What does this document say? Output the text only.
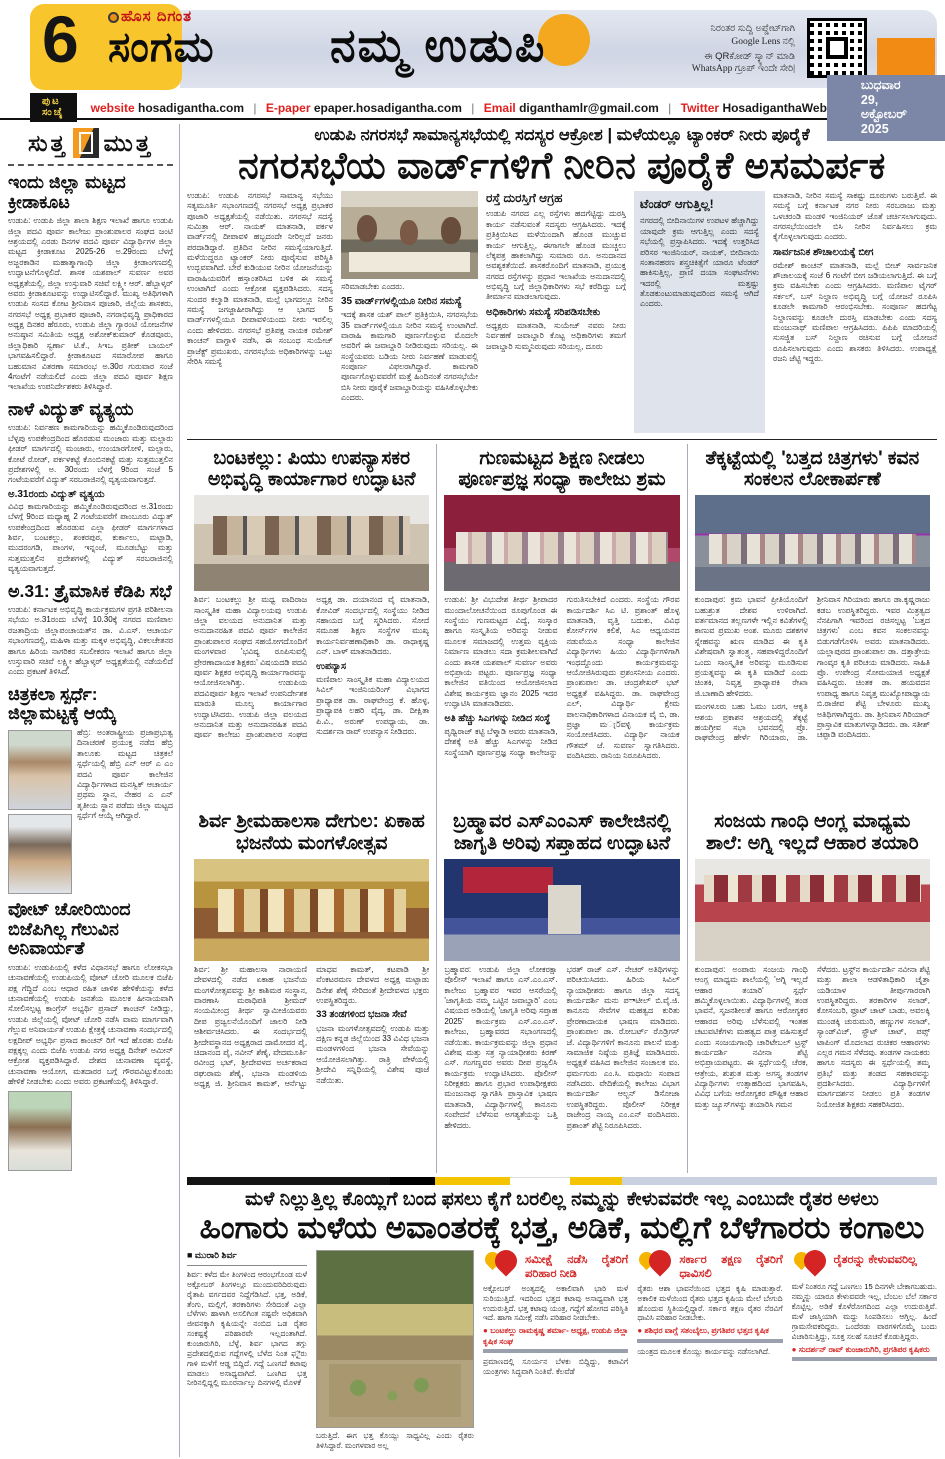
6	ಹೊಸ ದಿಗಂತ
ಸಂಗಮ	ನಮ್ಮ ಉಡುಪಿ	ನಿರಂತರ ಸುದ್ದಿ ಅಪ್ಡೇಟ್‌ಗಾಗಿ
Google Lens ನಲ್ಲಿ
ಈ QRಕೋಡ್ ಸ್ಕ್ಯಾನ್ ಮಾಡಿ
WhatsApp ಗ್ರೂಪ್ ಇಂದೇ ಸೇರಿ|
ಪುಟ ಸಂಚೈ	website hosadigantha.com | E-paper epaper.hosadigantha.com | Email diganthamlr@gmail.com | Twitter HosadiganthaWeb
ಬುಧವಾರ 29, ಅಕ್ಟೋಬರ್ 2025
ಸುತ್ತ ಮುತ್ತ
ಇಂದು ಜಿಲ್ಲಾ ಮಟ್ಟದ ಕ್ರೀಡಾಕೂಟ

ಉಡುಪಿ: ಉಡುಪಿ ಜಿಲ್ಲಾ ಶಾಲಾ ಶಿಕ್ಷಣ ಇಲಾಖೆ ಹಾಗೂ ಉಡುಪಿ ಜಿಲ್ಲಾ ಪದವಿ ಪೂರ್ವ ಕಾಲೇಜು ಪ್ರಾಂಶುಪಾಲರ ಸಂಘದ ಜಂಟಿ ಆಶ್ರಯದಲ್ಲಿ ಎರಡು ದಿನಗಳ ಪದವಿ ಪೂರ್ವ ವಿದ್ಯಾರ್ಥಿಗಳ ಜಿಲ್ಲಾ ಮಟ್ಟದ ಕ್ರೀಡಾಕೂಟ 2025-26 ಅ.29ರಂದು ಬೆಳಗ್ಗೆ ಅಜ್ಜರಕಾಡಿನ ಮಹಾತ್ಮಾಗಾಂಧಿ ಜಿಲ್ಲಾ ಕ್ರೀಡಾಂಗಣದಲ್ಲಿ ಉದ್ಘಾಟನೆಗೊಳ್ಳಲಿದೆ. ಶಾಸಕ ಯಶಪಾಲ್ ಸುವರ್ಣ ಅವರ ಅಧ್ಯಕ್ಷತೆಯಲ್ಲಿ, ಜಿಲ್ಲಾ ಉಸ್ತುವಾರಿ ಸಚಿವೆ ಲಕ್ಷ್ಮೀ ಆರ್. ಹೆಬ್ಬಾಳ್ಕರ್ ಅವರು ಕ್ರೀಡಾಕೂಟವನ್ನು ಉದ್ಘಾಟಿಸಲಿದ್ದಾರೆ. ಮುಖ್ಯ ಅತಿಥಿಗಳಾಗಿ ಉಡುಪಿ ಸಂಸದ ಕೋಟ ಶ್ರೀನಿವಾಸ ಪೂಜಾರಿ, ಜಿಲ್ಲೆಯ ಶಾಸಕರು, ನಗರಸಭೆ ಅಧ್ಯಕ್ಷ ಪ್ರಭಾಕರ ಪೂಜಾರಿ, ನಗರಾಭಿವೃದ್ಧಿ ಪ್ರಾಧಿಕಾರದ ಅಧ್ಯಕ್ಷ ದಿನಕರ ಹೆರೂರು, ಉಡುಪಿ ಜಿಲ್ಲಾ ಗ್ಯಾರಂಟಿ ಯೋಜನೆಗಳ ಅನುಷ್ಠಾನ ಸಮಿತಿಯ ಅಧ್ಯಕ್ಷ ಅಶೋಕ್‌ಕುಮಾರ್ ಕೊಡವೂರು, ಜಿಲ್ಲಾಧಿಕಾರಿ ಸ್ವರ್ಣಾ ಟಿ.ಕೆ., ಸಿಇಒ ಪ್ರತೀಕ್ ಬಾಯಲ್ ಭಾಗವಹಿಸಲಿದ್ದಾರೆ. ಕ್ರೀಡಾಕೂಟದ ಸಮಾರೋಪ ಹಾಗೂ ಬಹುಮಾನ ವಿತರಣಾ ಸಮಾರಂಭ ಅ.30ರ ಗುರುವಾರ ಸಂಜೆ 4ಗಂಟೆಗೆ ನಡೆಯಲಿದೆ ಎಂದು ಜಿಲ್ಲಾ ಪದವಿ ಪೂರ್ವ ಶಿಕ್ಷಣ ಇಲಾಖೆಯ ಉಪನಿರ್ದೇಶಕರು ತಿಳಿಸಿದ್ದಾರೆ.

ನಾಳೆ ವಿದ್ಯುತ್ ವ್ಯತ್ಯಯ

ಉಡುಪಿ: ನಿರ್ವಹಣ ಕಾಮಗಾರಿಯನ್ನು ಹಮ್ಮಿಕೊಂಡಿರುವುದರಿಂದ ಬೆಳ್ಳಪು ಉಪಕೇಂದ್ರದಿಂದ ಹೊರಡುವ ಮಂಜಾರು ಮತ್ತು ಮಲ್ಪಾರು ಫೀಡರ್ ಮಾರ್ಗದಲ್ಲಿ ಮಂಜಾರು, ಉಂಯಾರಗೋಳಿ, ಮಲ್ಪಾರು, ಕೋಟೆ ರೋಡ್, ಪರ್ಕಳಕಟ್ಟೆ ಕೊಂಬಿನಕಟ್ಟೆ ಮತ್ತು ಸುತ್ತಮುತ್ತಲಿನ ಪ್ರದೇಶಗಳಲ್ಲಿ ಅ. 30ರಂದು ಬೆಳಗ್ಗೆ 9ರಿಂದ ಸಂಜೆ 5 ಗಂಟೆಯವರೆಗೆ ವಿದ್ಯುತ್ ಸರಬರಾಜಿನಲ್ಲಿ ವ್ಯತ್ಯಯವಾಗುತ್ತದೆ.

ಅ.31ರಂದು ವಿದ್ಯುತ್ ವ್ಯತ್ಯಯ

ವಿವಿಧ ಕಾಮಗಾರಿಯನ್ನು ಹಮ್ಮಿಕೊಂಡಿರುವುದರಿಂದ ಅ.31ರಂದು ಬೆಳಗ್ಗೆ 9ರಿಂದ ಮಧ್ಯಾಹ್ನ 2 ಗಂಟೆಯವರೆಗೆ ಪಾಂಬೂರು ವಿದ್ಯುತ್ ಉಪಕೇಂದ್ರದಿಂದ ಹೊರಡುವ ಎಲ್ಲಾ ಫೀಡರ್ ಮಾರ್ಗಗಳಾದ ಶಿರ್ವ, ಬಂಟಕಲ್ಲು, ಶಂಕರಪುರ, ಕುರ್ಕಾಲು, ಮಟ್ಪಾಡಿ, ಮುದರಂಗಡಿ, ಪಾಂಗಳ, ಇನ್ನಂಜೆ, ಮೂಡಬೆಟ್ಟು ಮತ್ತು ಸುತ್ತಮುತ್ತಲಿನ ಪ್ರದೇಶಗಳಲ್ಲಿ ವಿದ್ಯುತ್ ಸರಬರಾಜಿನಲ್ಲಿ ವ್ಯತ್ಯಯವಾಗುತ್ತದೆ.

ಅ.31: ತ್ರೈಮಾಸಿಕ ಕೆಡಿಪಿ ಸಭೆ

ಉಡುಪಿ: ಕರ್ನಾಟಕ ಅಭಿವೃದ್ಧಿ ಕಾರ್ಯಕ್ರಮಗಳ ಪ್ರಗತಿ ಪರಿಶೀಲನಾ ಸಭೆಯು ಅ.31ರಂದು ಬೆಳಗ್ಗೆ 10.30ಕ್ಕೆ ನಗರದ ಮಣಿಪಾಲ ರಜತಾದ್ರಿಯ ಜಿಲ್ಲಾಪಂಚಾಯತ್‌ನ ಡಾ. ವಿ.ಎಸ್. ಆಚಾರ್ಯ ಸಭಾಂಗಣದಲ್ಲಿ, ಮಹಿಳಾ ಮತ್ತು ಮಕ್ಕಳ ಅಭಿವೃದ್ಧಿ, ವಿಕಲಚೇತನರ ಹಾಗೂ ಹಿರಿಯ ನಾಗರಿಕರ ಸಬಲೀಕರಣ ಇಲಾಖೆ ಹಾಗೂ ಜಿಲ್ಲಾ ಉಸ್ತುವಾರಿ ಸಚಿವೆ ಲಕ್ಷ್ಮೀ ಹೆಬ್ಬಾಳ್ಕರ್ ಅಧ್ಯಕ್ಷತೆಯಲ್ಲಿ ನಡೆಯಲಿದೆ ಎಂದು ಪ್ರಕಟಣೆ ತಿಳಿಸಿದೆ.

ಚಿತ್ರಕಲಾ ಸ್ಪರ್ಧೆ: ಜಿಲ್ಲಾಮಟ್ಟಕ್ಕೆ ಆಯ್ಕೆ

ಹೆಬ್ರಿ: ಅಂತರಾಷ್ಟ್ರೀಯ ಪ್ರಜಾಪ್ರಭುತ್ವ ದಿನಾಚರಣೆ ಪ್ರಯುಕ್ತ ನಡೆದ ಹೆಬ್ರಿ ತಾಲೂಕು ಮಟ್ಟದ ಚಿತ್ರಕಲೆ ಸ್ಪರ್ಧೆಯಲ್ಲಿ ಹೆಬ್ರಿ ಎನ್ ಆರ್ ಎ ಎಂ ಪದವಿ ಪೂರ್ವ ಕಾಲೇಜಿನ ವಿದ್ಯಾರ್ಥಿಗಳಾದ ಮನಸ್ವಿಕ್ ಆಚಾರ್ಯ ಪ್ರಥಮ ಸ್ಥಾನ, ನೇಹರ ಎ ಎನ್ ತೃತೀಯ ಸ್ಥಾನ ಪಡೆದು ಜಿಲ್ಲಾ ಮಟ್ಟದ ಸ್ಪರ್ಧೆಗೆ ಆಯ್ಕೆ ಆಗಿದ್ದಾರೆ.

ವೋಟ್ ಚೋರಿಯಿಂದ ಬಿಜೆಪಿಗಿಲ್ಲ ಗೆಲುವಿನ ಅನಿವಾರ್ಯತೆ

ಉಡುಪಿ: ಉಡುಪಿಯಲ್ಲಿ ಕಳೆದ ವಿಧಾನಸಭೆ ಹಾಗೂ ಲೋಕಸಭಾ ಚುನಾವಣೆಯಲ್ಲಿ ಉಡುಪಿಯಲ್ಲಿ ವೋಟ್ ಚೋರಿ ಮೂಲಕ ಬಿಜೆಪಿ ಪಕ್ಷ ಗೆದ್ದಿದೆ ಎಂಬ ಆಧಾರ ರಹಿತ ಜಾಳಿಶ ಹೇಳಿಕೆಯನ್ನು ಕಳೆದ ಚುನಾವಣೆಯಲ್ಲಿ ಉಡುಪಿ ಜನತೆಯ ಮೂಲಕ ಹೀನಾಯವಾಗಿ ಸೋಲಿಸಲ್ಪಟ್ಟ ಕಾಂಗ್ರೆಸ್ ಅಭ್ಯರ್ಥಿ ಪ್ರಸಾದ್ ಕಾಂಚನ್ ನೀಡಿದ್ದು, ಉಡುಪಿ ಜಿಲ್ಲೆಯಲ್ಲಿ ವೋಟ್ ಚೋರಿ ನಡೆಸಿ ವಾಮ ಮಾರ್ಗವಾಗಿ ಗೆಲ್ಲುವ ಅನಿವಾರ್ಯತೆ ಉಡುಪಿ ಕ್ಷೇತ್ರಕ್ಕೆ ಚುನಾವಣಾ ಸಂದರ್ಭದಲ್ಲಿ ಲಕ್ಷದೀಪ್ ಅಭ್ಯರ್ಥಿ ಪ್ರಸಾದ ಕಾಂಚನ್ ರಿಗೆ ಇದೆ ಹೊರತು ಬಿಜೆಪಿ ಪಕ್ಷಕ್ಕಲ್ಲ ಎಂದು ಬಿಜೆಪಿ ಉಡುಪಿ ನಗರ ಅಧ್ಯಕ್ಷ ದಿನೇಶ್ ಅಮೀನ್ ಆಕ್ರೋಶ ವ್ಯಕ್ತಪಡಿಸಿದ್ದಾರೆ. ದೇಶದ ಚುನಾವಣಾ ವ್ಯವಸ್ಥೆ, ಚುನಾವಣಾ ಆಯೋಗ, ಮತದಾರರ ಬಗ್ಗೆ ಗೌರವವಿಟ್ಟುಕೊಂಡು ಹೇಳಿಕೆ ನೀಡಬೇಕು ಎಂದು ಅವರು ಪ್ರಕಟಣೆಯಲ್ಲಿ ತಿಳಿಸಿದ್ದಾರೆ.

ಉಡುಪಿ ನಗರಸಭೆ ಸಾಮಾನ್ಯಸಭೆಯಲ್ಲಿ ಸದಸ್ಯರ ಆಕ್ರೋಶ | ಮಳೆಯಲ್ಲೂ ಟ್ಯಾಂಕರ್ ನೀರು ಪೂರೈಕೆ
ನಗರಸಭೆಯ ವಾರ್ಡ್‌ಗಳಿಗೆ ನೀರಿನ ಪೂರೈಕೆ ಅಸಮರ್ಪಕ

ಉಡುಪಿ: ಉಡುಪಿ ನಗರಸಭೆ ಸಾಮಾನ್ಯ ಸಭೆಯು ಸತ್ಯಮೂರ್ತಿ ಸಭಾಂಗಣದಲ್ಲಿ ನಗರಸಭೆ ಅಧ್ಯಕ್ಷ ಪ್ರಭಾಕರ ಪೂಜಾರಿ ಅಧ್ಯಕ್ಷತೆಯಲ್ಲಿ ನಡೆಯಿತು. ನಗರಸಭೆ ಸದಸ್ಯೆ ಸುಮಿತ್ರಾ ಆರ್. ನಾಯಕ್ ಮಾತನಾಡಿ, ಪರ್ಕಳ ವಾರ್ಡ್‌ನಲ್ಲಿ ದೀಪಾವಳಿ ಹಬ್ಬದಂದೇ ನೀರಿಲ್ಲದೆ ಜನರು ಪರದಾಡಿದ್ದಾರೆ. ಪ್ರತಿದಿನ ನೀರಿನ ಸಮಸ್ಯೆಯಾಗುತ್ತಿದೆ. ಮಳೆಯಿದ್ದರೂ ಟ್ಯಾಂಕರ್ ನೀರು ಪೂರೈಸುವ ಪರಿಸ್ಥಿತಿ ಉದ್ಭವವಾಗಿದೆ. ಬೇರೆ ಕುಡಿಯುವ ನೀರಿನ ಯೋಜನೆಯನ್ನು ವಾರಾಹಿಯವರಿಗೆ ಹಸ್ತಾಂತರಿಸಿದ ಬಳಿಕ ಈ ಸಮಸ್ಯೆ ಉಂಟಾಗಿದೆ ಎಂದು ಆಕ್ರೋಶ ವ್ಯಕ್ತಪಡಿಸಿದರು. ಸದಸ್ಯ ಸುಂದರ ಕಲ್ಮಾಡಿ ಮಾತನಾಡಿ, ಮಲ್ಪೆ ಭಾಗದಲ್ಲೂ ನೀರಿನ ಸಮಸ್ಯೆ ಜಗಜ್ಜಾಹೀರಾಗಿದ್ದು ಆ ಭಾಗದ 5 ವಾರ್ಡ್‌ಗಳಲ್ಲಿಯೂ ದೀಪಾವಳಿಯಂದು ನೀರು ಇರಲಿಲ್ಲ ಎಂದು ಹೇಳಿದರು. ನಗರಸಭೆ ಪ್ರತಿಪಕ್ಷ ನಾಯಕ ರಮೇಶ್ ಕಾಂಚನ್ ವಾಗ್ದಾಳಿ ನಡೆಸಿ, ಈ ಸಂಬಂಧ ಸುಯೇಜ್ ಪ್ರಾಜೆಕ್ಟ್ ಪ್ರಮುಖರು, ನಗರಸಭೆಯ ಅಧಿಕಾರಿಗಳನ್ನು ಒಟ್ಟು ಸೇರಿಸಿ ಸಮಸ್ಯೆ

ಸರಿಮಾಡಬೇಕು ಎಂದರು.

35 ವಾರ್ಡ್‌ಗಳಲ್ಲಿಯೂ ನೀರಿನ ಸಮಸ್ಯೆ

ಇದಕ್ಕೆ ಶಾಸಕ ಯಶ್ ಪಾಲ್ ಪ್ರತಿಕ್ರಿಯಿಸಿ, ನಗರಸಭೆಯ 35 ವಾರ್ಡ್‌ಗಳಲ್ಲಿಯೂ ನೀರಿನ ಸಮಸ್ಯೆ ಉಂಟಾಗಿದೆ. ವಾರಾಹಿ ಕಾಮಗಾರಿ ಪೂರ್ಣಗೊಳ್ಳುವ ಮೊದಲೇ ಅವರಿಗೆ ಈ ಜವಾಬ್ದಾರಿ ನೀಡಿರುವುದು ಸರಿಯಲ್ಲ. ಈ ಸಂಸ್ಥೆಯವರು ಬಡಿಯ ನೀರು ನಿರ್ವಹಣೆ ಮಾಡುವಲ್ಲಿ ಸಂಪೂರ್ಣ ವಿಫಲರಾಗಿದ್ದಾರೆ. ಕಾಮಗಾರಿ ಪೂರ್ಣಗೊಳ್ಳುವವರೆಗೆ ಮತ್ತೆ ಹಿಂದಿನಂತೆ ನಗರಸಭೆಯೇ ಬಿಸಿ ನೀರು ಪೂರೈಕೆ ಜವಾಬ್ದಾರಿಯನ್ನು ವಹಿಸಿಕೊಳ್ಳಬೇಕು ಎಂದರು.

ರಸ್ತೆ ದುರಸ್ತಿಗೆ ಆಗ್ರಹ

ಉಡುಪಿ ನಗರದ ಎಲ್ಲ ರಸ್ತೆಗಳು ಹದಗೆಟ್ಟಿದ್ದು ದುರಸ್ತಿ ಕಾರ್ಯ ನಡೆಸುವಂತೆ ಸದಸ್ಯರು ಆಗ್ರಹಿಸಿದರು. ಇದಕ್ಕೆ ಪ್ರತಿಕ್ರಿಯಿಸಿದ ಮಳೆಯಿಂದಾಗಿ ಹೊಂಡ ಮುಚ್ಚುವ ಕಾರ್ಯ ಆಗುತ್ತಿಲ್ಲ, ಈಗಾಗಲೇ ಹೊಂಡ ಮುಚ್ಚಲು ಲೆಕ್ಕಪತ್ರ ಹಾಕಲಾಗಿದ್ದು ಸುಮಾರು ರೂ. ಅನುದಾನದ ಅವಶ್ಯಕತೆಯಿದೆ. ಶಾಸಕರೊಂದಿಗೆ ಮಾತನಾಡಿ, ಪ್ರಯುಕ್ತ ನಗರದ ರಸ್ತೆಗಳನ್ನು ಪ್ರಧಾನ ಇಲಾಖೆಯ ಅನುದಾನದಲ್ಲಿ ಅಭಿವೃದ್ಧಿ ಬಗ್ಗೆ ಜಿಲ್ಲಾಧಿಕಾರಿಗಳು ಸಭೆ ಕರೆದಿದ್ದು ಬಗ್ಗೆ ತೀರ್ಮಾನ ಮಾಡಲಾಗುವುದು.

ಅಧಿಕಾರಿಗಳು ಸಮಸ್ಯೆ ಸರಿಪಡಿಸಬೇಕು

ಅಧ್ಯಕ್ಷರು ಮಾತನಾಡಿ, ಸುಯೇಜ್ ನವರು ನೀರು ನಿರ್ವಹಣೆ ಜವಾಬ್ದಾರಿ ಕೊಟ್ಟ ಅಧಿಕಾರಿಗಳು ತಮಗೆ ಜವಾಬ್ದಾರಿ ಸುಮ್ಮನಿರುವುದು ಸರಿಯಲ್ಲ, ದೂರು

ಟೆಂಡರ್ ಆಗುತ್ತಿಲ್ಲ!

ನಗರದಲ್ಲಿ ಬೀದಿನಾಯಿಗಳ ಉಪಟಳ ಹೆಚ್ಚಾಗಿದ್ದು ಯಾವುದೇ ಕ್ರಮ ಆಗುತ್ತಿಲ್ಲ ಎಂದು ಸದಸ್ಯೆ ಸಭೆಯಲ್ಲಿ ಪ್ರಸ್ತಾಪಿಸಿದರು. ಇದಕ್ಕೆ ಉತ್ತರಿಸಿದ ಪರಿಸರ ಇಂಜಿನಿಯರ್, ನಾಯಕ್, ಬೀದಿನಾಯಿ ಸಂತಾನಹರಣ ಶಸ್ತ್ರಚಿಕಿತ್ಸೆಗೆ ಯಾರೂ ಟೆಂಡರ್ ಹಾಕಿಸುತ್ತಿಲ್ಲ, ಪ್ರಾಣಿ ದಯಾ ಸಂಘಟನೆಗಳು ಇದರಲ್ಲಿ ಮತ್ತಷ್ಟು ತೊಡಕುಂಟುಮಾಡುವುದರಿಂದ ಸಮಸ್ಯೆ ಆಗಿದೆ ಎಂದರು.

ಮಾತನಾಡಿ, ನೀರಿನ ಸಮಸ್ಯೆ ಸಾಕಷ್ಟು ದೂರುಗಳು ಬರುತ್ತಿವೆ. ಈ ಸಮಸ್ಯೆ ಬಗ್ಗೆ ಕರ್ನಾಟಕ ನಗರ ನೀರು ಸರಬರಾಜು ಮತ್ತು ಒಳಚರಂಡಿ ಮಂಡಳಿ ಇಂಜಿನಿಯರ್ ಜೊತೆ ಚರ್ಚಿಸಲಾಗುವುದು. ನಗರಸಭೆಯಿಂದಲೇ ಬಿಸಿ ನೀರಿನ ನಿರ್ವಹಿಸಲು ಕ್ರಮ ಕೈಗೊಳ್ಳಲಾಗುವುದು ಎಂದರು.

ಸಾರ್ವಜನಿಕ ಶೌಚಾಲಯಕ್ಕೆ ಬೀಗ

ರಮೇಶ್ ಕಾಂಚನ್ ಮಾತನಾಡಿ, ಮಲ್ಪೆ ಬೀಚ್ ಸಾರ್ವಜನಿಕ ಶೌಚಾಲಯಕ್ಕೆ ಸಂಜೆ 6 ಗಂಟೆಗೆ ಬೀಗ ಜಡಿಯಲಾಗುತ್ತಿದೆ. ಈ ಬಗ್ಗೆ ಕ್ರಮ ವಹಿಸಬೇಕು ಎಂದು ಆಗ್ರಹಿಸಿದರು. ಮಣಿಪಾಲ ಟೈಗರ್ ಸರ್ಕಲ್, ಬಸ್ ನಿಲ್ದಾಣ ಅಭಿವೃದ್ಧಿ ಬಗ್ಗೆ ಯೋಜನೆ ರೂಪಿಸಿ ಕೂಡಲೇ ಕಾಮಗಾರಿ ಆರಂಭಿಸಬೇಕು. ಸಂಪೂರ್ಣ ಹದಗೆಟ್ಟ ನಿಲ್ದಾಣವನ್ನು ಕೂಡಲೇ ದುರಸ್ತಿ ಮಾಡಬೇಕು ಎಂದು ಸದಸ್ಯ ಮಂಜುನಾಥ್ ಮಣಿಪಾಲ ಆಗ್ರಹಿಸಿದರು. ಪಿಪಿಪಿ ಮಾದರಿಯಲ್ಲಿ ಸುಸಜ್ಜಿತ ಬಸ್ ನಿಲ್ದಾಣ ರಚಿಸುವ ಬಗ್ಗೆ ಯೋಜನೆ ರೂಪಿಸಲಾಗುವುದು ಎಂದು ಶಾಸಕರು ತಿಳಿಸಿದರು. ಉಪಾಧ್ಯಕ್ಷೆ ರಜನಿ ಜೆಟ್ಟಿ ಇದ್ದರು.

ಬಂಟಕಲ್ಲು: ಪಿಯು ಉಪನ್ಯಾಸಕರ ಅಭಿವೃದ್ಧಿ ಕಾರ್ಯಾಗಾರ ಉದ್ಘಾಟನೆ

ಶಿರ್ವ: ಬಂಟಕಲ್ಲು ಶ್ರೀ ಮಧ್ವ ವಾದಿರಾಜ ಸಾಂಸ್ಕೃತಿಕ ಮಹಾ ವಿದ್ಯಾಲಯವು ಉಡುಪಿ ಜಿಲ್ಲಾ ವಲಯದ ಅನುದಾನಿತ ಮತ್ತು ಅನುದಾನರಹಿತ ಪದವಿ ಪೂರ್ವ ಕಾಲೇಜಿನ ಪ್ರಾಂಶುಪಾಲರ ಸಂಘದ ಸಹಯೋಗದೊಂದಿಗೆ ಮಂಗಳವಾರ 'ಭವಿಷ್ಯ ರೂಪಿಸುವಲ್ಲಿ ಪ್ರೇರಣಾದಾಯಕ ಶಿಕ್ಷಕರು' ವಿಷಯದಡಿ ಪದವಿ ಪೂರ್ವ ಶಿಕ್ಷಕರ ಅಭಿವೃದ್ಧಿ ಕಾರ್ಯಾಗಾರವನ್ನು ಆಯೋಜಿಸಲಾಗಿತ್ತು. ಉಡುಪಿಯ ಪದವಿಪೂರ್ವ ಶಿಕ್ಷಣ ಇಲಾಖೆ ಉಪನಿರ್ದೇಶಕ ಮಾರುತಿ ಮೂಲ್ಯ ಕಾರ್ಯಾಗಾರ ಉದ್ಘಾಟಿಸಿದರು. ಉಡುಪಿ ಜಿಲ್ಲಾ ವಲಯದ ಅನುದಾನಿತ ಮತ್ತು ಅನುದಾನರಹಿತ ಪದವಿ ಪೂರ್ವ ಕಾಲೇಜು ಪ್ರಾಂಶುಪಾಲರ ಸಂಘದ ಅಧ್ಯಕ್ಷ ಡಾ. ದಯಾನಂದ ವೈ ಮಾತನಾಡಿ, ಕೋವಿಡ್ ಸಂದರ್ಭದಲ್ಲಿ ಸಂಸ್ಥೆಯು ನೀಡಿದ ಸಹಾಯದ ಬಗ್ಗೆ ಸ್ಮರಿಸಿದರು. ಸೋದೆ ಸಮೂಹ ಶಿಕ್ಷಣ ಸಂಸ್ಥೆಗಳ ಮುಖ್ಯ ಕಾರ್ಯನಿರ್ವಹಣಾಧಿಕಾರಿ ಡಾ. ರಾಧಾಕೃಷ್ಣ ಎನ್. ಬಾಳ್ ಮಾತನಾಡಿದರು.

ಉಪನ್ಯಾಸ

ಮಣಿಪಾಲ ಸಾಂಸ್ಕೃತಿಕ ಮಹಾ ವಿದ್ಯಾಲಯದ ಸಿವಿಲ್ ಇಂಜಿನಿಯರಿಂಗ್ ವಿಭಾಗದ ಪ್ರಾಧ್ಯಾಪಕ ಡಾ. ರಾಘವೇಂದ್ರ ಕೆ. ಹೊಳ್ಳ, ಪ್ರಾಧ್ಯಾಪಕಿ ಲಹರಿ ವೈದ್ಯ, ಡಾ. ದೀಕ್ಷಿತಾ ಪಿ.ವಿ., ಅರುಣ್ ಉಪಧ್ಯಾಯ, ಡಾ. ಸುದರ್ಶನಾ ರಾವ್ ಉಪನ್ಯಾಸ ನೀಡಿದರು.

ಗುಣಮಟ್ಟದ ಶಿಕ್ಷಣ ನೀಡಲು ಪೂರ್ಣಪ್ರಜ್ಞ ಸಂಧ್ಯಾ ಕಾಲೇಜು ಶ್ರಮ

ಉಡುಪಿ: ಶ್ರೀ ವಿಭುದೇಶ ತೀರ್ಥ ಶ್ರೀಪಾದರ ಮುಂದಾಲೋಚನೆಯಿಂದ ರೂಪುಗೊಂಡ ಈ ಸಂಸ್ಥೆಯು ಗುಣಮಟ್ಟದ ವಿದ್ಯೆ, ಸಂಸ್ಕಾರ ಹಾಗೂ ಸಂಸ್ಕೃತಿಯ ಅರಿವನ್ನು ನೀಡುವ ಮೂಲಕ ಸಮಾಜದಲ್ಲಿ ಉತ್ತಮ ವ್ಯಕ್ತಿಯ ನಿರ್ಮಾಣ ಮಾಡಲು ಸದಾ ಕ್ರಮಶೀಲವಾಗಿದೆ ಎಂದು ಶಾಸಕ ಯಶಪಾಲ್ ಸುವರ್ಣ ಅವರು ಅಭಿಪ್ರಾಯ ಪಟ್ಟರು. ಪೂರ್ಣಪ್ರಜ್ಞ ಸಂಧ್ಯಾ ಕಾಲೇಜಿನ ವತಿಯಿಂದ ಆಯೋಜಿಸಲಾದ ವಿಶೇಷ ಕಾರ್ಯಕ್ರಮ ಜ್ಞಾನಂ 2025 ಇದರ ಉದ್ಘಾಟಿಸಿ ಮಾತನಾಡಿದರು.

ಅತಿ ಹೆಚ್ಚು ಸಿಎಗಳನ್ನು ನೀಡಿದ ಸಂಸ್ಥೆ

ಪೃಥ್ವಿರಾಜ್ ಕಟ್ಟಿ ಬೆಳ್ಮಾಡಿ ಅವರು ಮಾತನಾಡಿ, ದೇಶಕ್ಕೆ ಅತಿ ಹೆಚ್ಚು ಸಿಎಗಳನ್ನು ನೀಡಿದ ಸಂಸ್ಥೆಯಾಗಿ ಪೂರ್ಣಪ್ರಜ್ಞ ಸಂಧ್ಯಾ ಕಾಲೇಜನ್ನು ಗುರುತಿಸಬೇಕಿದೆ ಎಂದರು. ಸಂಸ್ಥೆಯ ಗೌರವ ಕಾರ್ಯದರ್ಶಿ ಸಿಎ ಟಿ. ಪ್ರಶಾಂತ್ ಹೊಳ್ಳ ಮಾತನಾಡಿ, ವೃತ್ತಿ ಬದುಕು, ವಿವಿಧ ಕೋರ್ಸ್‌ಗಳ ಕಲಿಕೆ, ಸಿಎ ಆಧ್ಯಯನದ ನಡುವೆಯೂ ಸಂಧ್ಯಾ ಕಾಲೇಜಿನ ವಿದ್ಯಾರ್ಥಿಗಳು ಹಿಯು ವಿದ್ಯಾರ್ಥಿಗಳಿಗಾಗಿ ಇಂಥದ್ದೊಂದು ಕಾರ್ಯಕ್ರಮವನ್ನು ಆಯೋಜಿಸಿರುವುದು ಪ್ರಶಂಸನೀಯ ಎಂದರು. ಪ್ರಾಂಶುಪಾಲ ಡಾ. ಚಂದ್ರಶೇಖರ್ ಭಟ್ ಅಧ್ಯಕ್ಷತೆ ವಹಿಸಿದ್ದರು. ಡಾ. ರಾಘವೇಂದ್ರ ಎಲ್, ವಿದ್ಯಾರ್ಥಿ ಕ್ಷೇಮ ಪಾಲನಾಧಿಕಾರಿಗಳಾದ ವಿನಾಯಕ ವೈ ಬಿ, ಡಾ. ಪ್ರಜ್ಞಾ ಮැර්ವಳ್ಳಿ ಕಾರ್ಯಕ್ರಮ ಸಂಯೋಜಿಸಿದರು. ವಿದ್ಯಾರ್ಥಿ ನಾಯಕ ಗೌತಮ್ ಜೆ. ಸುವರ್ಣ ಸ್ವಾಗತಿಸಿದರು. ವಂದಿಸಿದರು. ರಾನಿಯ ನಿರೂಪಿಸಿದರು.

ತೆಕ್ಕಟ್ಟೆಯಲ್ಲಿ 'ಬತ್ತದ ಚಿತ್ರಗಳು' ಕವನ ಸಂಕಲನ ಲೋಕಾರ್ಪಣೆ

ಕುಂದಾಪುರ: ಕ್ರಮ ಭಾವನೆ ಪ್ರೀತಿಯೊಂದಿಗೆ ಬಹುಶ್ರುತ ದೇಶವ ಉಳಿರಾಗಿದೆ. ವರ್ತಮಾನದ ತಲ್ಲಣಗಳೇ ಇಲ್ಲಿನ ಕವಿತೆಗಳಲ್ಲಿ ಕಾಣುವ ಪ್ರಮುಖ ಅಂಶ. ಮೂರು ದಶಕಗಳ ಸ್ನೇಹವನ್ನು ಋಣ ಮಾಡಿದ ಈ ಕೃತಿ ವಿಶೇಷವಾಗಿ ಸ್ವಾತಂತ್ರ್ಯ, ಸಹಪಾಳಿದ್ದರೊಂದಿಗೆ ಒಂದು ಸಾಂಸ್ಕೃತಿಕ ಅರಿವನ್ನು ಮೂಡಿಸುವ ಪ್ರಯತ್ನವನ್ನು ಈ ಕೃತಿ ಮಾಡಿದೆ ಎಂದು ಚಿಂತಕಿ, ನಿವೃತ್ತ ಪ್ರಾಧ್ಯಾಪಕಿ ರೇಖಾ ಜಿ.ಬಾಣಾದಿ ಹೇಳಿದರು.

ಮಂಗಳೂರು ಬಹು ಓಮು ಬರಗ, ಆಕೃತಿ ಆಶಯ ಪ್ರಕಾಶನ ಆಶ್ರಯದಲ್ಲಿ ತೆಕ್ಕಟ್ಟೆ ಹಯಗ್ರೀವ ಸಭಾ ಭವನದಲ್ಲಿ ಪ್ರೊ. ರಾಘವೇಂದ್ರ ಹೇರ್ಳೆ ಗಿರಿಯಾರು, ಡಾ. ಶ್ರೀನಿವಾಸ ಗಿರಿಯಾರು ಹಾಗೂ ಡಾ.ಕೃಷ್ಣರಾಜು ಕಡಬ ಉಪಸ್ಥಿತರಿದ್ದರು. ಇವರ ಮಿತ್ರತ್ವದ ನೆನಪಿಗಾಗಿ ಇವರಿಂದ ರಚಿಸಲ್ಪಟ್ಟ 'ಬತ್ತದ ಚಿತ್ರಗಳು' ಎಂಬ ಕವನ ಸಂಕಲನವನ್ನು ಬಿಡುಗಡೆಗೊಳಿಸಿ ಅವರು ಮಾತನಾಡಿದರು. ಯಲ್ಲಾಪುರದ ಪ್ರಾಂಶುಪಾಲ ಡಾ. ದತ್ತಾತ್ರೇಯ ಗಾಂವ್ಕರ ಕೃತಿ ಪರಿಚಯ ಮಾಡಿದರು. ಸಾಹಿತಿ ಪ್ರೊ. ಉಪೇಂದ್ರ ಸೋಮಯಾಜಿ ಅಧ್ಯಕ್ಷತೆ ವಹಿಸಿದ್ದರು. ಚಿಂತಕ ಡಾ. ಹಯವದನ ಉಪಾಧ್ಯ ಹಾಗೂ ನಿವೃತ್ತ ಮುಖ್ಯೋಪಾಧ್ಯಾಯ ಬಿ.ರಾಜೀವ ಶೆಟ್ಟಿ ಬೇಳೂರು ಮುಖ್ಯ ಅತಿಥಿಗಳಾಗಿದ್ದರು. ಡಾ. ಶ್ರೀನಿವಾಸ ಗಿರಿಯಾರ್ ಪ್ರಾಸ್ತಾವಿಕ ಮಾತುಗಳನ್ನಾಡಿದರು. ಡಾ. ಸತೀಶ್ ಚಪ್ಪಾಡಿ ವಂದಿಸಿದರು.

ಶಿರ್ವ ಶ್ರೀಮಹಾಲಸಾ ದೇಗುಲ: ಏಕಾಹ ಭಜನೆಯ ಮಂಗಳೋತ್ಸವ

ಶಿರ್ವ: ಶ್ರೀ ಮಹಾಲಸಾ ನಾರಾಯಣಿ ದೇವಳದಲ್ಲಿ ನಡೆದ ಏಕಾಹ ಭಜನೆಯ ಮಂಗಳೋತ್ಸವವನ್ನು ಶ್ರೀ ಕಾಶಿಮಠ ಸಂಸ್ಥಾನ, ವಾರಣಾಸಿ ಮಠಾಧಿಪತಿ ಶ್ರೀಮದ್ ಸಂಯಮೀಂದ್ರ ತೀರ್ಥ ಸ್ವಾಮೀಜಿಯವರು ದೀಪ ಪ್ರಜ್ವಲನೆಯೊಂದಿಗೆ ಜಾಲರಿ ನೀಡಿ ಆಶೀರ್ವಚಿಸಿದರು. ಈ ಸಂದರ್ಭದಲ್ಲಿ ಶ್ರೀದೇವಸ್ಥಾನದ ಅಧ್ಯಕ್ಷರಾದ ದಾಮೋದರ ಪೈ, ಚಿದಾನಂದ ಪೈ, ನವೀನ್ ಶೆಣೈ, ವೇದಮೂರ್ತಿ ರವೀಂದ್ರ ಭಟ್, ಶ್ರೀದೇವಳದ ಅರ್ಚಕರಾದ ರಘುರಾಮ ಶೆಣೈ, ಭಜನಾ ಮಂಡಳಿಯ ಅಧ್ಯಕ್ಷ ಜಿ. ಶ್ರೀನಿವಾಸ ಕಾಮತ್, ಆರ್ನೆಟ್ಟು ಮಾಧವ ಕಾಮತ್, ಕಟಪಾಡಿ ಶ್ರೀ ವೆಂಕಟರಮಣ ದೇವಳದ ಅಧ್ಯಕ್ಷ ಮಟ್ಪಾಡು ದಿನೇಶ ಶೆಣೈ ಸೇರಿದಂತೆ ಶ್ರೀದೇವಳದ ಭಕ್ತರು ಉಪಸ್ಥಿತರಿದ್ದರು.

33 ತಂಡಗಳಿಂದ ಭಜನಾ ಸೇವೆ

ಭಜನಾ ಮಂಗಳೋತ್ಸವದಲ್ಲಿ ಉಡುಪಿ ಮತ್ತು ದಕ್ಷಿಣ ಕನ್ನಡ ಜಿಲ್ಲೆಯಿಂದ 33 ವಿವಿಧ ಭಜನಾ ಮಂಡಳಗಳಿಂದ ಭಜನಾ ಸೇವೆಯನ್ನು ಆಯೋಜಿಸಲಾಗಿತ್ತು. ರಾತ್ರಿ ವೇಳೆಯಲ್ಲಿ ಶ್ರೀದೇವಿ ಸನ್ನಿಧಿಯಲ್ಲಿ ವಿಶೇಷ ಪೂಜೆ ನಡೆಯಿತು.

ಬ್ರಹ್ಮಾವರ ಎಸ್‌ಎಂಎಸ್ ಕಾಲೇಜಿನಲ್ಲಿ ಜಾಗೃತಿ ಅರಿವು ಸಪ್ತಾಹದ ಉದ್ಘಾಟನೆ

ಬ್ರಹ್ಮಾವರ: ಉಡುಪಿ ಜಿಲ್ಲಾ ಲೋಕರಕ್ಷಾ ಪೊಲೀಸ್ ಇಲಾಖೆ ಹಾಗೂ ಎಸ್.ಎಂ.ಎಸ್. ಕಾಲೇಜು ಬ್ರಹ್ಮಾವರ ಇವರ ಆಸರೆಯಲ್ಲಿ 'ಜಾಗೃತಿಯ ನಮ್ಮ ಒಟ್ಟಿನ ಜವಾಬ್ದಾರಿ' ಎಂಬ ವಿಷಯದ ಅಡಿಯಲ್ಲಿ 'ಜಾಗೃತಿ ಅರಿವು ಸಪ್ತಾಹ 2025' ಕಾರ್ಯಕ್ರಮ ಎಸ್.ಎಂ.ಎಸ್. ಕಾಲೇಜು, ಬ್ರಹ್ಮಾವರದ ಸಭಾಂಗಣದಲ್ಲಿ ನಡೆಯಿತು. ಕಾರ್ಯಕ್ರಮವನ್ನು ಜಿಲ್ಲಾ ಪ್ರಧಾನ ವಿಶೇಷ ಮತ್ತು ಸತ್ರ ನ್ಯಾಯಾಧೀಶರು ಕಿರಣ್ ಎಸ್. ಗಂಗಣ್ಣವರ ಅವರು ದೀಪ ಪ್ರಜ್ವಲಿಸಿ ಕಾರ್ಯಕ್ರಮ ಉದ್ಘಾಟಿಸಿದರು. ಪೊಲೀಸ್ ನಿರೀಕ್ಷಕರು ಹಾಗೂ ಪ್ರಭಾರ ಉಪಾಧೀಕ್ಷಕರು ಮಂಜುನಾಥ ಸ್ವಾಗತಿಸಿ ಪ್ರಾಸ್ತಾವಿಕ ಭಾಷಣ ಮಾತನಾಡಿ, ವಿದ್ಯಾರ್ಥಿಗಳಲ್ಲಿ ಕಾನೂನು ಸಂವೇದನೆ ಬೆಳೆಸುವ ಅಗತ್ಯತೆಯನ್ನು ಒತ್ತಿ ಹೇಳಿದರು.

ಭರತ್ ರಾಜ್ ಎಸ್. ನೇಚರ್ ಅತಿಥಿಗಳನ್ನು ಪರಿಚಯಿಸಿದರು. ಹಿರಿಯ ಸಿವಿಲ್ ನ್ಯಾಯಾಧೀಶರು ಹಾಗೂ ಜಿಲ್ಲಾ ಸದಸ್ಯ ಕಾರ್ಯದರ್ಶಿ ಮನು ಪాಟೀಲ್ ಬಿ.ವೈ.ಜಿ. ಕಾನೂನು ಸೇವೆಗಳ ಮಹತ್ವದ ಕುರಿತು ಪ್ರೇರಣಾದಾಯಕ ಭಾಷಣ ಮಾಡಿದರು. ಪ್ರಾಂಶುಪಾಲ ಡಾ. ರೋಬರ್ಟ್ ರೊಡ್ರಿಗಸ್ ಜೆ. ವಿದ್ಯಾರ್ಥಿಗಳಿಗೆ ಕಾನೂನು ಪಾಲನೆ ಮತ್ತು ಸಾಮಾಜಿಕ ನಿಷ್ಠೆಯ ಪ್ರತಿಜ್ಞೆ ಮಾಡಿಸಿದರು. ಅಧ್ಯಕ್ಷತೆ ವಹಿಸಿದ ಕಾಲೇಜಿನ ಸಂಚಾಲಕ ವಂ. ಧರ್ಮಗುರು ಎಂ.ಸಿ. ಮಥಾಯಿ ಸಂಪಾದ ನಡೆಸಿದರು. ವೇದಿಕೆಯಲ್ಲಿ ಕಾಲೇಜು ವಿಭಾಗ ಕಾರ್ಯದರ್ಶಿ ಆಲ್ಬನ್ ಡಿಸೋಜಾ ಉಪಸ್ಥಿತರಿದ್ದರು. ಪೊಲೀಸ್ ನಿರೀಕ್ಷಕ ರಾಜೇಂದ್ರ ನಾಯ್ಕ ಎಂ.ಎನ್ ವಂದಿಸಿದರು. ಪ್ರಶಾಂತ್ ಶೆಟ್ಟಿ ನಿರೂಪಿಸಿದರು.

ಸಂಜಯ ಗಾಂಧಿ ಆಂಗ್ಲ ಮಾಧ್ಯಮ ಶಾಲೆ: ಅಗ್ನಿ ಇಲ್ಲದೆ ಆಹಾರ ತಯಾರಿ

ಕುಂದಾಪುರ: ಅಂಪಾರು ಸಂಜಯ ಗಾಂಧಿ ಆಂಗ್ಲ ಮಾಧ್ಯಮ ಶಾಲೆಯಲ್ಲಿ 'ಅಗ್ನಿ ಇಲ್ಲದೆ ಆಹಾರ ತಯಾರಿ' ಸ್ಪರ್ಧೆ ಹಮ್ಮಿಕೊಳ್ಳಲಾಯಿತು. ವಿದ್ಯಾರ್ಥಿಗಳಲ್ಲಿ ತಂಡ ಭಾವನೆ, ಸೃಜನಶೀಲತೆ ಹಾಗೂ ಆರೋಗ್ಯಕರ ಆಹಾರದ ಅರಿವು ಬೆಳೆಸುವಲ್ಲಿ ಇಂತಹ ಚಟುವಟಿಕೆಗಳು ಮಹತ್ವದ ಪಾತ್ರ ವಹಿಸುತ್ತವೆ ಎಂದು ಸಂಜಯಗಾಂಧಿ ಚಾರಿಟೇಬಲ್ ಟ್ರಸ್ಟ್ ಕಾರ್ಯದರ್ಶಿ ನವೀನಾ ಶೆಟ್ಟಿ ಅಭಿಪ್ರಾಯಪಟ್ಟರು. ಈ ಸ್ಪರ್ಧೆಯಲ್ಲಿ ಚೆರಕ, ಆತ್ರೇಯ, ಶುಶ್ರುತ ಮತ್ತು ಅಗಸ್ತ್ಯ ತಂಡಗಳ ವಿದ್ಯಾರ್ಥಿಗಳು ಉತ್ಸಾಹದಿಂದ ಭಾಗವಹಿಸಿ, ವಿವಿಧ ಬಗೆಯ ಆರೋಗ್ಯಕರ ಪೌಷ್ಟಿಕ ಆಹಾರ ಮತ್ತು ಜ್ಯೂಸ್‌ಗಳನ್ನು ತಯಾರಿಸಿ ಗಮನ

ಸೆಳೆದರು. ಟ್ರಸ್ಟ್‌ನ ಕಾರ್ಯದರ್ಶಿ ನವೀನಾ ಶೆಟ್ಟಿ ಮತ್ತು ಶಾಲಾ ಆಡಳಿತಾಧಿಕಾರಿ ಚೈತ್ರಾ ಯಡಿಯಾಳ ತೀರ್ಪುಗಾರರಾಗಿ ಉಪಸ್ಥಿತರಿದ್ದರು. ತರಕಾರಿಗಳ ಸಲಾಡ್, ಕೋಸಂಬರಿ, ಫ್ರೂಟ್ ಚಾಟ್ ಬಾಡು, ಅವಲಕ್ಕಿ ಮುಂಡಕ್ಕಿ ಚುರುಮುರಿ, ಹಣ್ಣುಗಳ ಸಲಾಡ್, ಸ್ಯಾಂಡ್‌ವಿಚ್, ಸ್ಪ್ರೌಟ್ ಚಾಟ್, ಪಪ್ಸ್ ಟಾಪಿಂಗ್ ಮೊದಲಾದ ರುಚಿಕರ ಆಹಾರಗಳು ಎಲ್ಲರ ಗಮನ ಸೆಳೆದವು. ತಂಡಗಳ ನಾಯಕರು ಹಾಗೂ ಸದಸ್ಯರು ಈ ಸ್ಪರ್ಧೆಯಲ್ಲಿ ತಮ್ಮ ಪ್ರತಿಭೆ ಮತ್ತು ತಂಡದ ಸಹಕಾರವನ್ನು ಪ್ರದರ್ಶಿಸಿದರು. ವಿದ್ಯಾರ್ಥಿಗಳಿಗೆ ಮಾರ್ಗದರ್ಶನ ನೀಡಲು ಪ್ರತಿ ತಂಡಗಳ ನಿಯೋಜಿತ ಶಿಕ್ಷಕರು ಸಹಕರಿಸಿದರು.

ಮಳೆ ನಿಲ್ಲುತ್ತಿಲ್ಲ ಕೊಯ್ಲಿಗೆ ಬಂದ ಫಸಲು ಕೈಗೆ ಬರಲಿಲ್ಲ ನಮ್ಮನ್ನು ಕೇಳುವವರೇ ಇಲ್ಲ ಎಂಬುದೇ ರೈತರ ಅಳಲು
ಹಿಂಗಾರು ಮಳೆಯ ಅವಾಂತರಕ್ಕೆ ಭತ್ತ, ಅಡಿಕೆ, ಮಲ್ಲಿಗೆ ಬೆಳೆಗಾರರು ಕಂಗಾಲು

■ ಮುರಾರಿ ಶಿರ್ವ

ಶಿರ್ವ: ಕಳೆದ ಮೇ ತಿಂಗಳಿಂದ ಆರಂಭಗೊಂಡ ಮಳೆ ಅಕ್ಟೋಬರ್ ತಿಂಗಳಲ್ಲೂ ಮುಂದುವರಿದಿರುವುದು ರೈತಾಪಿ ವರ್ಗದವರ ನಿದ್ದೆಗೆಡಿಸಿದೆ. ಭತ್ತ, ಅಡಿಕೆ, ತೆಂಗು, ಮಲ್ಲಿಗೆ, ತರಕಾರಿಗಳು ಸೇರಿದಂತೆ ಎಲ್ಲಾ ಬೆಳೆಗಳು ಹಾಳಾಗಿ ಅಸಲಿಗಿಂತ ನಷ್ಟವೇ ಅಧಿಕವಾಗಿ ಜೀವನಕ್ಕಾಗಿ ಕೃಷಿಯನ್ನೇ ನಂಬಿದ ಒಡ ರೈತರ ಸಂಕಷ್ಟಕ್ಕೆ ಪರಿಹಾರವೇ ಇಲ್ಲದಂತಾಗಿದೆ. ಕುಂಜಾರುಗಿರಿ, ಬೆಳ್ಳೆ, ಶಿರ್ವ ಭಾಗದ ತಗ್ಗು ಪ್ರದೇಶದಲ್ಲಿರುವ ಗದ್ದೆಗಳಲ್ಲಿ ಬೆಳೆದ ನಿಂತ ಫైರು ಗಾಳಿ ಮಳೆಗೆ ಆಡ್ಡ ಬಿದ್ದಿದೆ. ಗದ್ದೆ ಒಣಗದೆ ಕಟಾವು ಮಾಡಲು ಅಸಾಧ್ಯವಾಗಿದೆ. ಒಣಗಿದ ಭತ್ತ ನೀರಿನಲ್ಲಿದ್ದಲ್ಲಿ ಮೂರರ್ನಾಲ್ಕು ದಿನಗಳಲ್ಲಿ ಮೊಳಕೆ

ಬರುತ್ತಿದೆ. ಈಗ ಭತ್ತ ಕೊಯ್ಲು ಸಾಧ್ಯವಿಲ್ಲ ಎಂದು ರೈತರು ತಿಳಿಸಿದ್ದಾರೆ. ಮಂಗಳವಾರ ಅಲ್ಲ

ಸಮೀಕ್ಷೆ ನಡೆಸಿ ರೈತರಿಗೆ ಪರಿಹಾರ ನೀಡಿ

ಅಕ್ಟೋಬರ್ ಅಂತ್ಯದಲ್ಲಿ ಅಕಾಲಿವಾಗಿ ಭಾರಿ ಮಳೆ ಸುರಿಯುತ್ತಿದೆ. ಇದರಿಂದ ಭತ್ತದ ಕಟಾವು ಅಸಾಧ್ಯವಾಗಿ ಭತ್ತ ಉದುರುತ್ತಿದೆ. ಭತ್ತ ಕಟಾವು ಯಂತ್ರ, ಗದ್ದೆಗೆ ಹೋಗದ ಪರಿಸ್ಥಿತಿ ಇದೆ. ಹಾಗಾ ಸಮೀಕ್ಷೆ ನಡೆಸಿ ಪರಿಹಾರ ನೀಡಬೇಕು.

● ಬಂಟಕಲ್ಲು ರಾಮಕೃಷ್ಣ ಶರ್ಮಾ- ಅಧ್ಯಕ್ಷ, ಉಡುಪಿ ಜಿಲ್ಲಾ ಕೃಷಿಕ ಸಂಘ

ಪ್ರಮಾಣದಲ್ಲಿ ಸೂರ್ಯನ ಬೆಳಕು ಬಿದ್ದಿದ್ದು, ಕಟಾವಿಗೆ ಯಂತ್ರಗಳು ಸಿದ್ಧವಾಗಿ ನಿಂತಿವೆ. ಕೆಲವೆಡೆ

ಸರ್ಕಾರ ತಕ್ಷಣ ರೈತರಿಗೆ ಧಾವಿಸಲಿ

ರೈತರು ಆಶಾ ಭಾವನೆಯಿಂದ ಭತ್ತದ ಕೃಷಿ ಮಾಡುತ್ತಾರೆ. ಅಕಾಲಿಕ ಮಳೆಯಿಂದ ರೈತರು ಭತ್ತದ ಕೃಷಿಯ ಮೇಲೆ ಬೇಗುದಿ ಹೊಂದುವ ಸ್ಥಿತಿಯಲ್ಲಿದ್ದಾರೆ. ಸರ್ಕಾರ ತಕ್ಷಣ ರೈತರ ನೆರವಿಗೆ ಧಾವಿಸಿ ಪರಿಹಾರ ನೀಡಬೇಕು.

● ಶಶಿಧರ ವಾಗ್ಲೆ ಸತಂಬೈಲು, ಪ್ರಗತಿಪರ ಭತ್ತದ ಕೃಷಿಕ

ಯಂತ್ರದ ಮೂಲಕ ಕೊಯ್ಲು ಕಾರ್ಯವನ್ನು ನಡೆಸಲಾಗಿದೆ.

ರೈತರನ್ನು ಕೇಳುವವರಿಲ್ಲ

ಮಳೆ ನಿಂತರೂ ಗದ್ದೆ ಒಣಗಲು 15 ದಿನಗಳೇ ಬೇಕಾಗಬಹುದು. ನಮ್ಮನ್ನು ಯಾರೂ ಕೇಳುವವರೇ ಇಲ್ಲ, ಬೆಂಬಲ ಬೆಲೆ ಸರ್ಕಾರ ಕೊಟ್ಟಿಲ್ಲ. ಅಡಿಕೆ ಕೊಳೆರೋಗದಿಂದ ಎಲ್ಲಾ ಉದುರುತ್ತಿವೆ. ಮಳೆ ಜಾಸ್ತಿಯಾಗಿ ಮದ್ದು ಸಿಂಪಡಿಸಲು ಆಗ್ತಿಲ್ಲ. ಹಿಂದೆ ಗ್ರಾಮಸೇವಕರಿದ್ದರು. ಒಂದೆರಡು ವಾರಗಳಿಗೊಮ್ಮೆ ಬಂದು ವಿಚಾರಿಸುತ್ತಿದ್ದು, ಸೂಕ್ತ ಸಲಹೆ ಸೂಚನೆ ಕೊಡುತ್ತಿದ್ದರು.

● ಸುದರ್ಶನ್ ರಾವ್ ಕುಂಜಾರುಗಿರಿ, ಪ್ರಗತಿಪರ ಕೃಷಿಕರು
